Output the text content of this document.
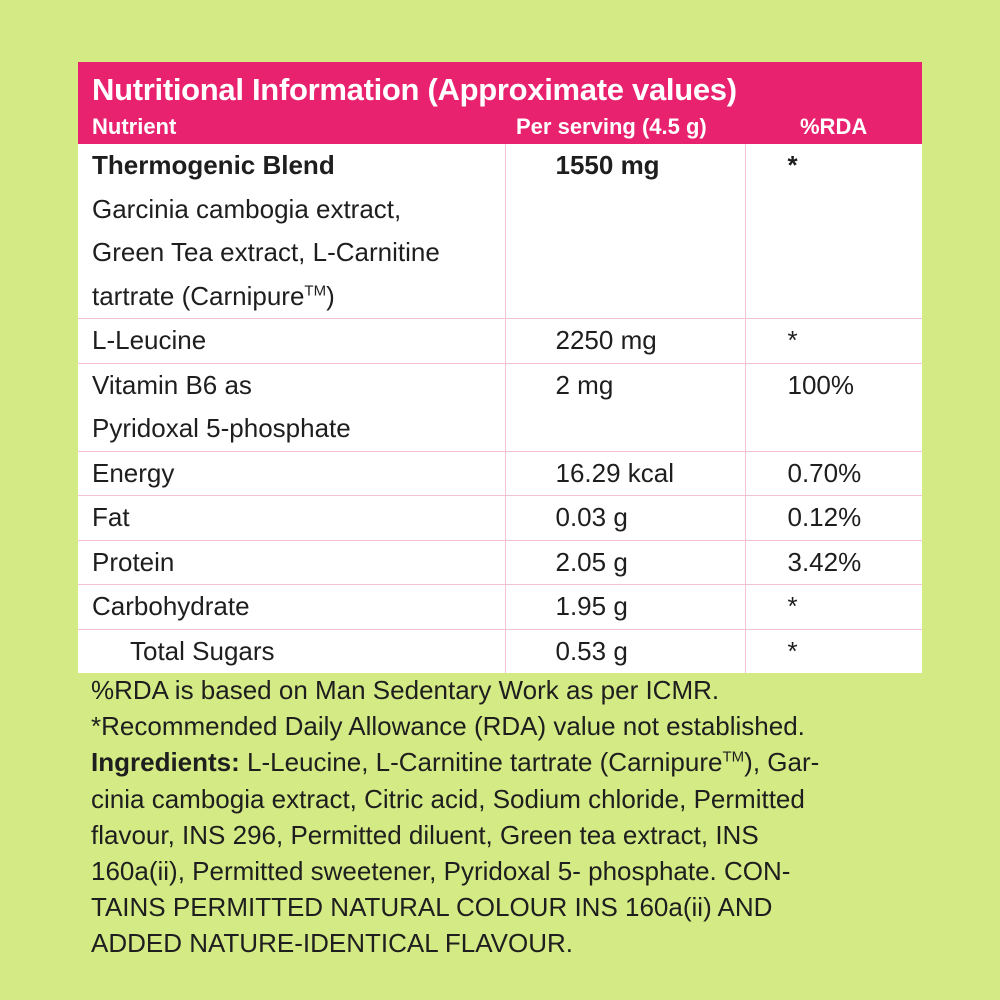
Nutritional Information (Approximate values)
Nutrient	Per serving (4.5 g)	%RDA
Thermogenic Blend
Garcinia cambogia extract,
Green Tea extract, L-Carnitine
tartrate (Carnipure™)	1550 mg	*
L-Leucine	2250 mg	*

Vitamin B6 as
Pyridoxal 5-phosphate	2 mg	100%
Energy	16.29 kcal	0.70%
Fat	0.03 g	0.12%
Protein	2.05 g	3.42%
Carbohydrate	1.95 g	*

Total Sugars	0.53 g	*
%RDA is based on Man Sedentary Work as per ICMR.
*Recommended Daily Allowance (RDA) value not established.
Ingredients: L-Leucine, L-Carnitine tartrate (Carnipure™), Gar-
cinia cambogia extract, Citric acid, Sodium chloride, Permitted
flavour, INS 296, Permitted diluent, Green tea extract, INS
160a(ii), Permitted sweetener, Pyridoxal 5- phosphate. CON-
TAINS PERMITTED NATURAL COLOUR INS 160a(ii) AND
ADDED NATURE-IDENTICAL FLAVOUR.
